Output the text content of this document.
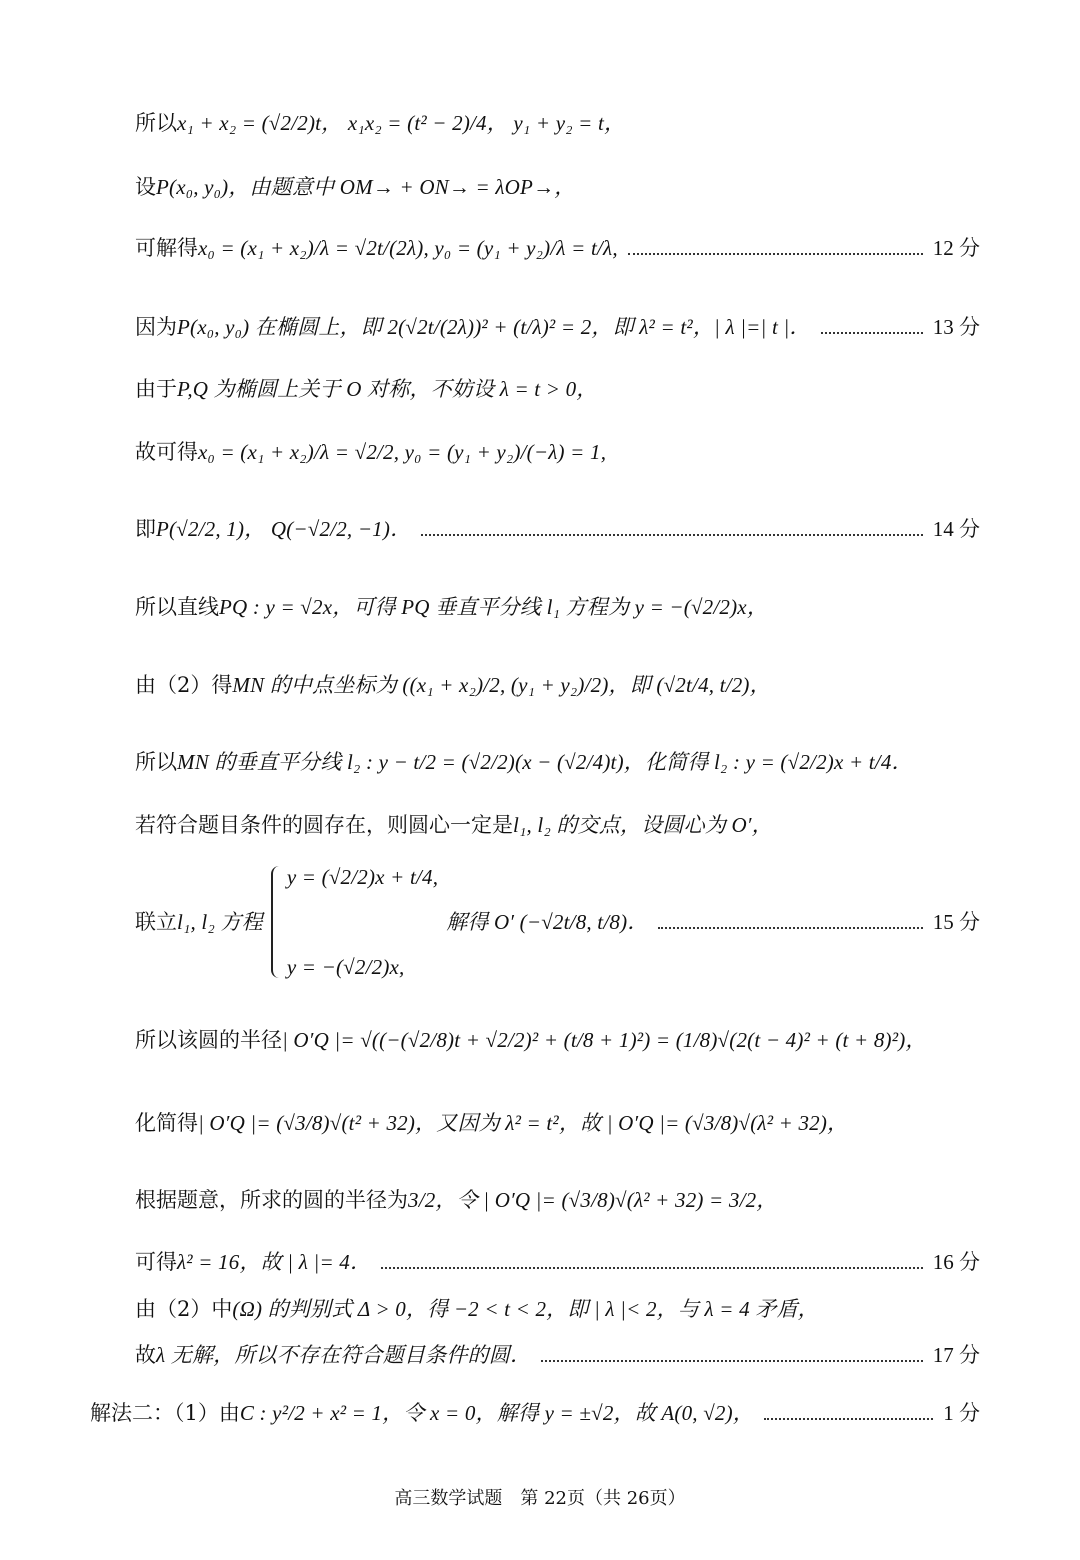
所以 x₁ + x₂ = (√2/2)t， x₁x₂ = (t² − 2)/4， y₁ + y₂ = t，
设 P(x₀, y₀)，由题意中 OM→ + ON→ = λOP→，
可解得 x₀ = (x₁ + x₂)/λ = √2t/(2λ), y₀ = (y₁ + y₂)/λ = t/λ,	12 分
因为 P(x₀, y₀) 在椭圆上，即 2(√2t/(2λ))² + (t/λ)² = 2，即 λ² = t²，| λ |=| t |．	13 分
由于 P,Q 为椭圆上关于 O 对称，不妨设 λ = t > 0，
故可得 x₀ = (x₁ + x₂)/λ = √2/2, y₀ = (y₁ + y₂)/(−λ) = 1,
即 P(√2/2, 1)， Q(−√2/2, −1)．	14 分
所以直线 PQ : y = √2x，可得 PQ 垂直平分线 l₁ 方程为 y = −(√2/2)x，
由（2）得 MN 的中点坐标为 ((x₁ + x₂)/2, (y₁ + y₂)/2)，即 (√2t/4, t/2)，
所以 MN 的垂直平分线 l₂ : y − t/2 = (√2/2)(x − (√2/4)t)，化简得 l₂ : y = (√2/2)x + t/4．
若符合题目条件的圆存在，则圆心一定是 l₁, l₂ 的交点，设圆心为 O′，
联立 l₁, l₂ 方程
y = (√2/2)x + t/4,
y = −(√2/2)x,
解得 O′ (−√2t/8, t/8)．	15 分
所以该圆的半径 | O′Q |= √((−(√2/8)t + √2/2)² + (t/8 + 1)²) = (1/8)√(2(t − 4)² + (t + 8)²)，
化简得 | O′Q |= (√3/8)√(t² + 32)，又因为 λ² = t²，故 | O′Q |= (√3/8)√(λ² + 32)，
根据题意，所求的圆的半径为 3/2，令 | O′Q |= (√3/8)√(λ² + 32) = 3/2，
可得 λ² = 16，故 | λ |= 4．	16 分
由（2）中 (Ω) 的判别式 Δ > 0，得 −2 < t < 2，即 | λ |< 2，与 λ = 4 矛盾，
故 λ 无解，所以不存在符合题目条件的圆．	17 分
解法二：（1）由 C : y²/2 + x² = 1，令 x = 0，解得 y = ±√2，故 A(0, √2)，	1 分
高三数学试题　第 22页（共 26页）
